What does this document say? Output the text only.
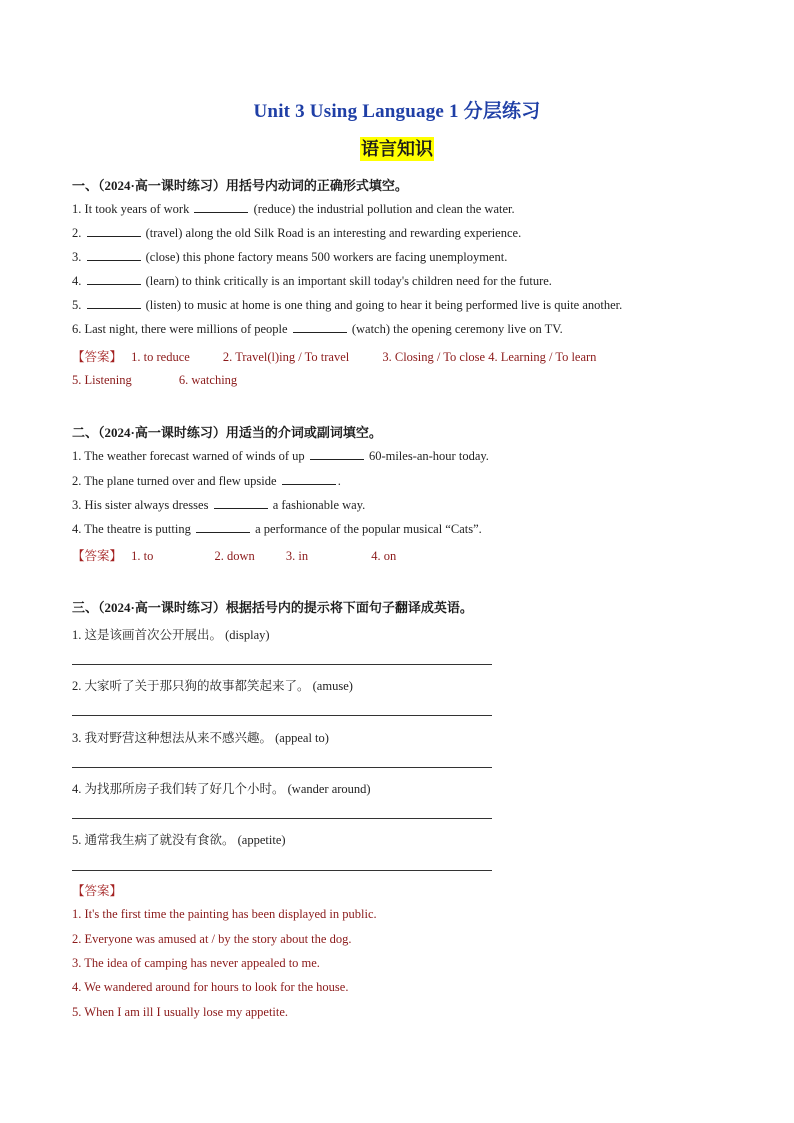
Unit 3 Using Language 1 分层练习
语言知识
一、（2024·高一课时练习）用括号内动词的正确形式填空。
1. It took years of work	(reduce) the industrial pollution and clean the water.
2.	(travel) along the old Silk Road is an interesting and rewarding experience.
3.	(close) this phone factory means 500 workers are facing unemployment.
4.	(learn) to think critically is an important skill today's children need for the future.
5.	(listen) to music at home is one thing and going to hear it being performed live is quite another.
6. Last night, there were millions of people	(watch) the opening ceremony live on TV.
【答案】 1. to reduce	2. Travel(l)ing / To travel	3. Closing / To close 4. Learning / To learn
5. Listening	6. watching
二、（2024·高一课时练习）用适当的介词或副词填空。
1. The weather forecast warned of winds of up	60-miles-an-hour today.
2. The plane turned over and flew upside	.
3. His sister always dresses	a fashionable way.
4. The theatre is putting	a performance of the popular musical “Cats”.
【答案】 1. to	2. down 3. in	4. on
三、（2024·高一课时练习）根据括号内的提示将下面句子翻译成英语。
1. 这是该画首次公开展出。 (display)
2. 大家听了关于那只狗的故事都笑起来了。 (amuse)
3. 我对野营这种想法从来不感兴趣。 (appeal to)
4. 为找那所房子我们转了好几个小时。 (wander around)
5. 通常我生病了就没有食欲。 (appetite)
【答案】
1. It's the first time the painting has been displayed in public.
2. Everyone was amused at / by the story about the dog.
3. The idea of camping has never appealed to me.
4. We wandered around for hours to look for the house.
5. When I am ill I usually lose my appetite.
